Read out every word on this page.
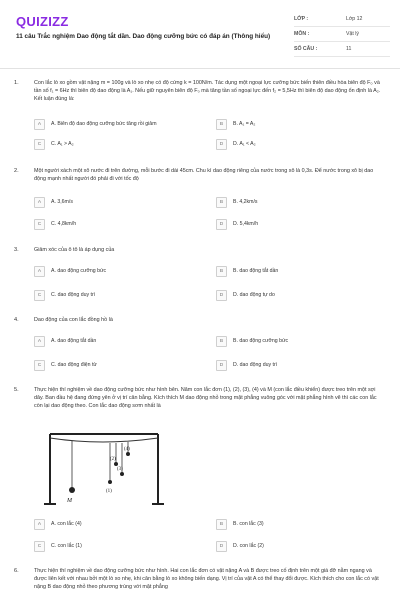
QUIZIZZ
11 câu Trắc nghiệm Dao động tắt dần. Dao động cưỡng bức có đáp án (Thông hiểu)
LỚP :	Lớp 12
MÔN :	Vật lý
SỐ CÂU :	11
1.	Con lắc lò xo gồm vật nặng m = 100g và lò xo nhẹ có độ cứng k = 100N/m. Tác dụng một ngoại lực cưỡng bức biến thiên điều hòa biên độ F₀ và tần số f₁ = 6Hz thì biên độ dao động là A₁. Nếu giữ nguyên biên độ F₀ mà tăng tần số ngoại lực đến f₂ = 5,5Hz thì biên độ dao động ổn định là A₂. Kết luận đúng là:
A	A. Biên độ dao động cưỡng bức tăng rồi giảm	B	B. A₁ = A₂
C	C. A₁ > A₂	D	D. A₁ < A₂
2.	Một người xách một xô nước đi trên đường, mỗi bước đi dài 45cm. Chu kì dao động riêng của nước trong xô là 0,3s. Để nước trong xô bị dao động mạnh nhất người đó phải đi với tốc độ
A	A. 3,6m/s	B	B. 4,2km/s
C	C. 4,8km/h	D	D. 5,4km/h
3.	Giảm xóc của ô tô là áp dụng của
A	A. dao động cưỡng bức	B	B. dao động tắt dần
C	C. dao động duy trì	D	D. dao động tự do
4.	Dao động của con lắc đồng hồ là
A	A. dao động tắt dần	B	B. dao động cưỡng bức
C	C. dao động điện từ	D	D. dao động duy trì
5.	Thực hiện thí nghiệm về dao động cưỡng bức như hình bên. Năm con lắc đơn (1), (2), (3), (4) và M (con lắc điều khiển) được treo trên một sợi dây. Ban đầu hệ đang đứng yên ở vị trí cân bằng. Kích thích M dao động nhỏ trong mặt phẳng vuông góc với mặt phẳng hình vẽ thì các con lắc còn lại dao động theo. Con lắc dao động sơm nhất là
M
(1)
(2)
(3)
(4)
A	A. con lắc (4)	B	B. con lắc (3)
C	C. con lắc (1)	D	D. con lắc (2)
6.	Thực hiện thí nghiệm về dao động cưỡng bức như hình. Hai con lắc đơn có vật nặng A và B được treo cố định trên một giá đỡ nằm ngang và được liên kết với nhau bởi một lò xo nhẹ, khi cân bằng lò xo không biến dạng. Vị trí của vật A có thể thay đổi được. Kích thích cho con lắc có vật nặng B dao động nhỏ theo phương trùng với mặt phẳng
